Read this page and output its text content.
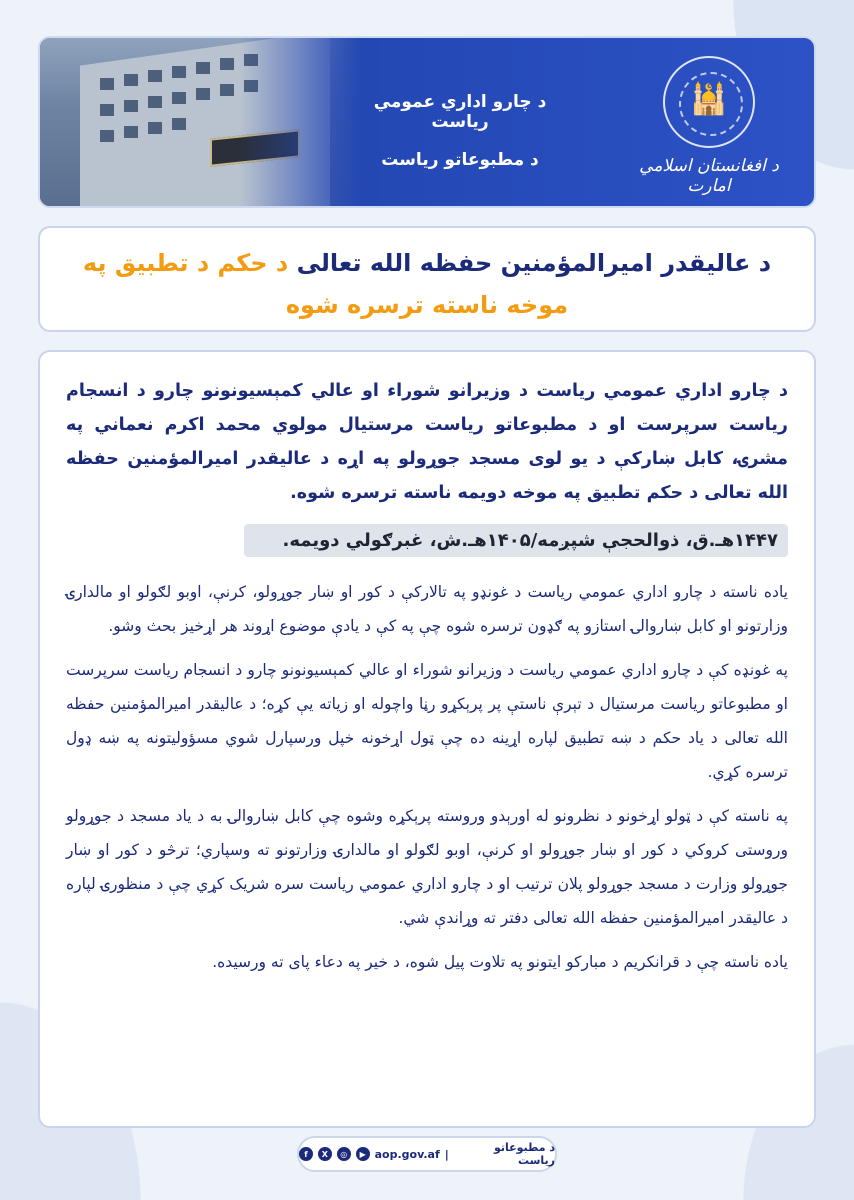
د چارو اداري عمومي رياست
د مطبوعاتو رياست
🕌	د افغانستان اسلامي امارت
د عالیقدر امیرالمؤمنین حفظه الله تعالی د حکم د تطبیق په
موخه ناسته ترسره شوه

د چارو اداري عمومي رياست د وزيرانو شوراء او عالي کمېسیونونو چارو د انسجام رياست سرپرست او د مطبوعاتو رياست مرستیال مولوي محمد اکرم نعماني په مشرۍ، کابل ښارکې د یو لوی مسجد جوړولو په اړه د عالیقدر امیرالمؤمنین حفظه الله تعالی د حکم تطبیق په موخه دویمه ناسته ترسره شوه.

۱۴۴۷هـ.ق، ذوالحجې شپږمه/۱۴۰۵هـ.ش، غبرګولي دویمه.

یاده ناسته د چارو اداري عمومي رياست د غونډو په تالارکې د کور او ښار جوړولو، کرنې، اوبو لګولو او مالدارۍ وزارتونو او کابل ښاروالۍ استازو په ګډون ترسره شوه چې په کې د یادې موضوع اړوند هر اړخیز بحث وشو.

په غونډه کې د چارو اداري عمومي رياست د وزيرانو شوراء او عالي کمېسیونونو چارو د انسجام رياست سرپرست او مطبوعاتو رياست مرستیال د تېرې ناستې پر پرېکړو رڼا واچوله او زیاته یې کړه؛ د عالیقدر امیرالمؤمنین حفظه الله تعالی د یاد حکم د ښه تطبیق لپاره اړینه ده چې ټول اړخونه خپل ورسپارل شوي مسؤولیتونه په ښه ډول ترسره کړي.

په ناسته کې د ټولو اړخونو د نظرونو له اورېدو وروسته پرېکړه وشوه چې کابل ښاروالۍ به د یاد مسجد د جوړولو وروستی کروکي د کور او ښار جوړولو او کرنې، اوبو لګولو او مالدارۍ وزارتونو ته وسپاري؛ ترڅو د کور او ښار جوړولو وزارت د مسجد جوړولو پلان ترتیب او د چارو اداري عمومي رياست سره شریک کړي چې د منظورۍ لپاره د عالیقدر امیرالمؤمنین حفظه الله تعالی دفتر ته وړاندې شي.

یاده ناسته چې د قرانکریم د مبارکو ایتونو په تلاوت پیل شوه، د خیر په دعاء پای ته ورسیده.

د مطبوعاتو رياست
|
aop.gov.af
▶
◎
X
f
